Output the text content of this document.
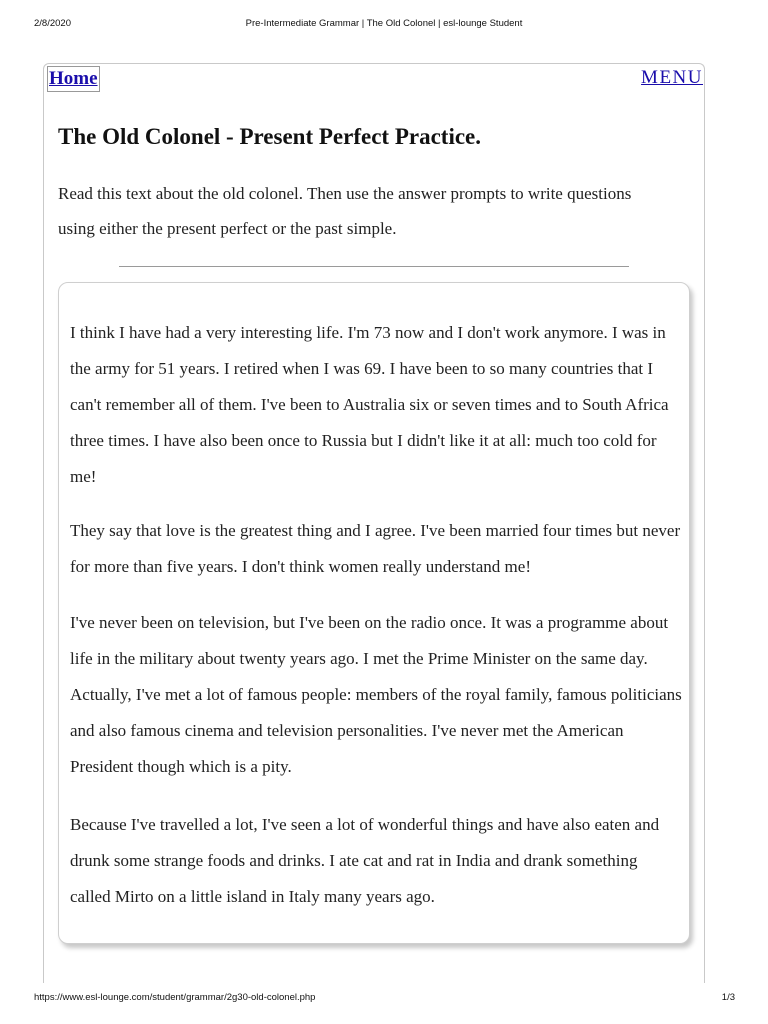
2/8/2020	Pre-Intermediate Grammar | The Old Colonel | esl-lounge Student
Home	MENU
The Old Colonel - Present Perfect Practice.

Read this text about the old colonel. Then use the answer prompts to write questions using either the present perfect or the past simple.

I think I have had a very interesting life. I'm 73 now and I don't work anymore. I was in the army for 51 years. I retired when I was 69. I have been to so many countries that I can't remember all of them. I've been to Australia six or seven times and to South Africa three times. I have also been once to Russia but I didn't like it at all: much too cold for me!

They say that love is the greatest thing and I agree. I've been married four times but never for more than five years. I don't think women really understand me!

I've never been on television, but I've been on the radio once. It was a programme about life in the military about twenty years ago. I met the Prime Minister on the same day. Actually, I've met a lot of famous people: members of the royal family, famous politicians and also famous cinema and television personalities. I've never met the American President though which is a pity.

Because I've travelled a lot, I've seen a lot of wonderful things and have also eaten and drunk some strange foods and drinks. I ate cat and rat in India and drank something called Mirto on a little island in Italy many years ago.

https://www.esl-lounge.com/student/grammar/2g30-old-colonel.php	1/3
